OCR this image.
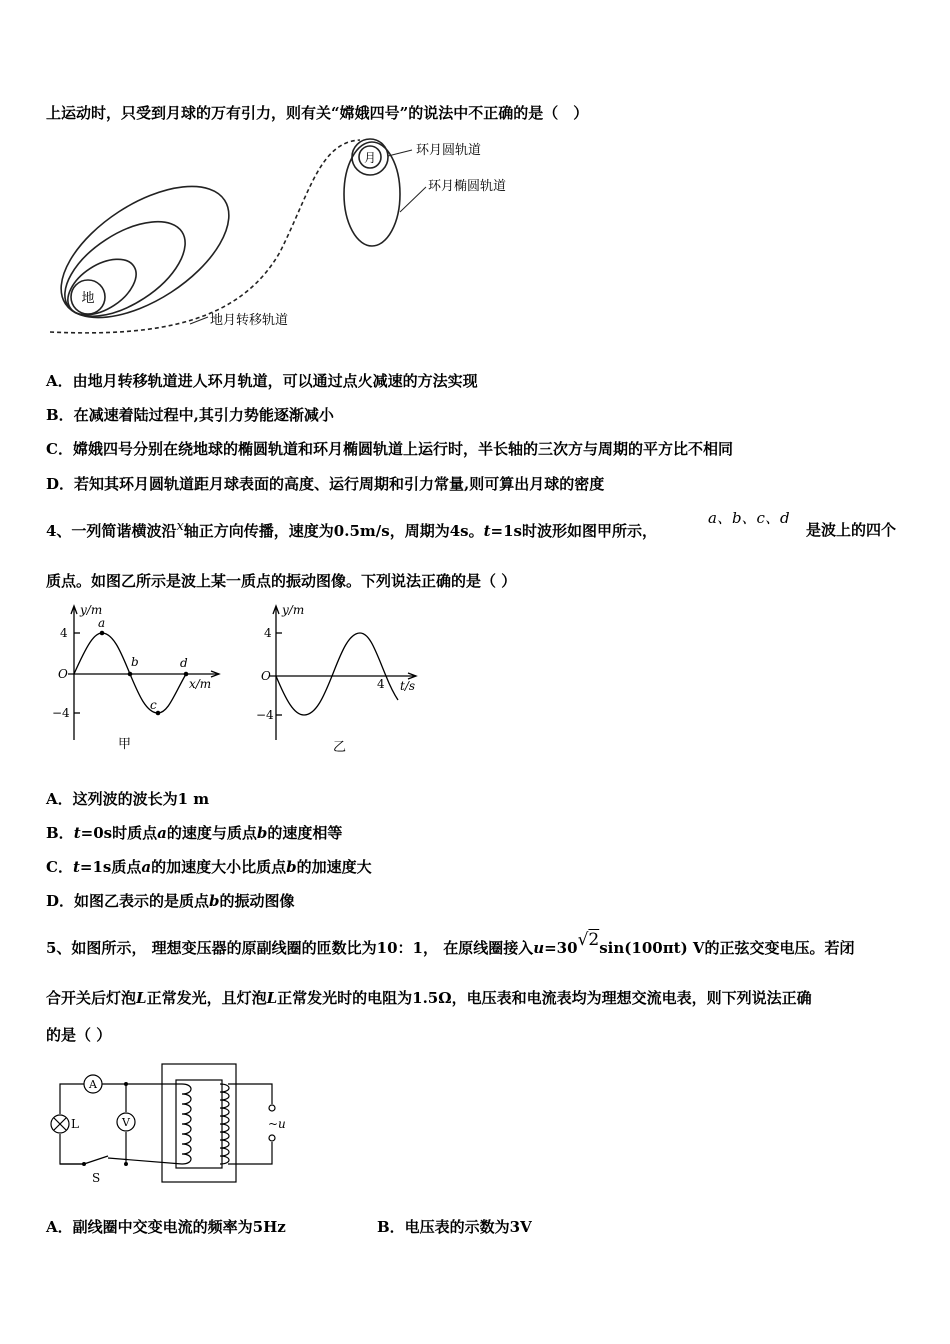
上运动时，只受到月球的万有引力，则有关“嫦娥四号”的说法中不正确的是（　）
月
地
环月圆轨道
环月椭圆轨道
地月转移轨道
A．由地月转移轨道进人环月轨道，可以通过点火减速的方法实现
B．在减速着陆过程中,其引力势能逐渐减小
C．嫦娥四号分别在绕地球的椭圆轨道和环月椭圆轨道上运行时，半长轴的三次方与周期的平方比不相同
D．若知其环月圆轨道距月球表面的高度、运行周期和引力常量,则可算出月球的密度
4、一列简谐横波沿$^x$轴正方向传播，速度为0.5m/s，周期为4s。t=1s时波形如图甲所示，
a、b、c、d
是波上的四个
质点。如图乙所示是波上某一质点的振动图像。下列说法正确的是（ ）
y/m
x/m
4
−4
O
a
b
c
d
甲
y/m
t/s
4
−4
O
4
乙
A．这列波的波长为1 m
B．t=0s时质点a的速度与质点b的速度相等
C．t=1s质点a的加速度大小比质点b的加速度大
D．如图乙表示的是质点b的振动图像
5、如图所示， 理想变压器的原副线圈的匝数比为10：1， 在原线圈接入u=30√2sin(100πt) V的正弦交变电压。若闭
合开关后灯泡L正常发光，且灯泡L正常发光时的电阻为1.5Ω，电压表和电流表均为理想交流电表，则下列说法正确
的是（ ）
A
V
L
S
~u
A．副线圈中交变电流的频率为5Hz	B．电压表的示数为3V
